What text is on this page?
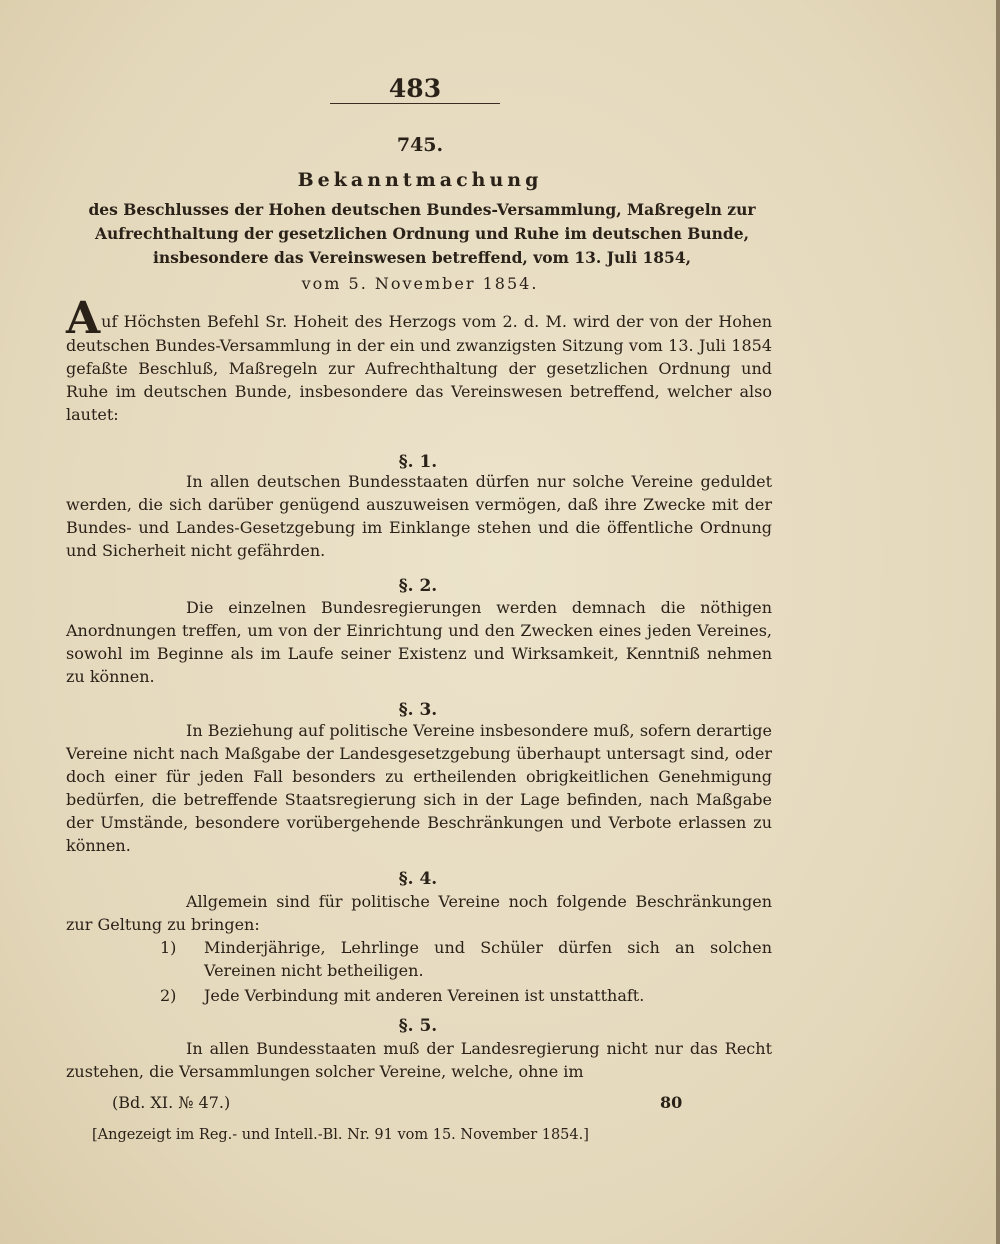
483
745.
Bekanntmachung
des Beschlusses der Hohen deutschen Bundes-Versammlung, Maßregeln zur
Aufrechthaltung der gesetzlichen Ordnung und Ruhe im deutschen Bunde,
insbesondere das Vereinswesen betreffend, vom 13. Juli 1854,
vom 5. November 1854.
Auf Höchsten Befehl Sr. Hoheit des Herzogs vom 2. d. M. wird der von der Hohen deutschen Bundes-Versammlung in der ein und zwanzigsten Sitzung vom 13. Juli 1854 gefaßte Beschluß, Maßregeln zur Aufrechthaltung der gesetzlichen Ordnung und Ruhe im deutschen Bunde, insbesondere das Vereinswesen betreffend, welcher also lautet:
§. 1.
In allen deutschen Bundesstaaten dürfen nur solche Vereine geduldet werden, die sich darüber genügend auszuweisen vermögen, daß ihre Zwecke mit der Bundes- und Landes-Gesetzgebung im Einklange stehen und die öffentliche Ordnung und Sicherheit nicht gefährden.
§. 2.
Die einzelnen Bundesregierungen werden demnach die nöthigen Anordnungen treffen, um von der Einrichtung und den Zwecken eines jeden Vereines, sowohl im Beginne als im Laufe seiner Existenz und Wirksamkeit, Kenntniß nehmen zu können.
§. 3.
In Beziehung auf politische Vereine insbesondere muß, sofern derartige Vereine nicht nach Maßgabe der Landesgesetzgebung überhaupt untersagt sind, oder doch einer für jeden Fall besonders zu ertheilenden obrigkeitlichen Genehmigung bedürfen, die betreffende Staatsregierung sich in der Lage befinden, nach Maßgabe der Umstände, besondere vorübergehende Beschränkungen und Verbote erlassen zu können.
§. 4.
Allgemein sind für politische Vereine noch folgende Beschränkungen zur Geltung zu bringen:
1)	Minderjährige, Lehrlinge und Schüler dürfen sich an solchen Vereinen nicht betheiligen.
2)	Jede Verbindung mit anderen Vereinen ist unstatthaft.
§. 5.
In allen Bundesstaaten muß der Landesregierung nicht nur das Recht zustehen, die Versammlungen solcher Vereine, welche, ohne im
(Bd. XI. № 47.)	80
[Angezeigt im Reg.- und Intell.-Bl. Nr. 91 vom 15. November 1854.]
